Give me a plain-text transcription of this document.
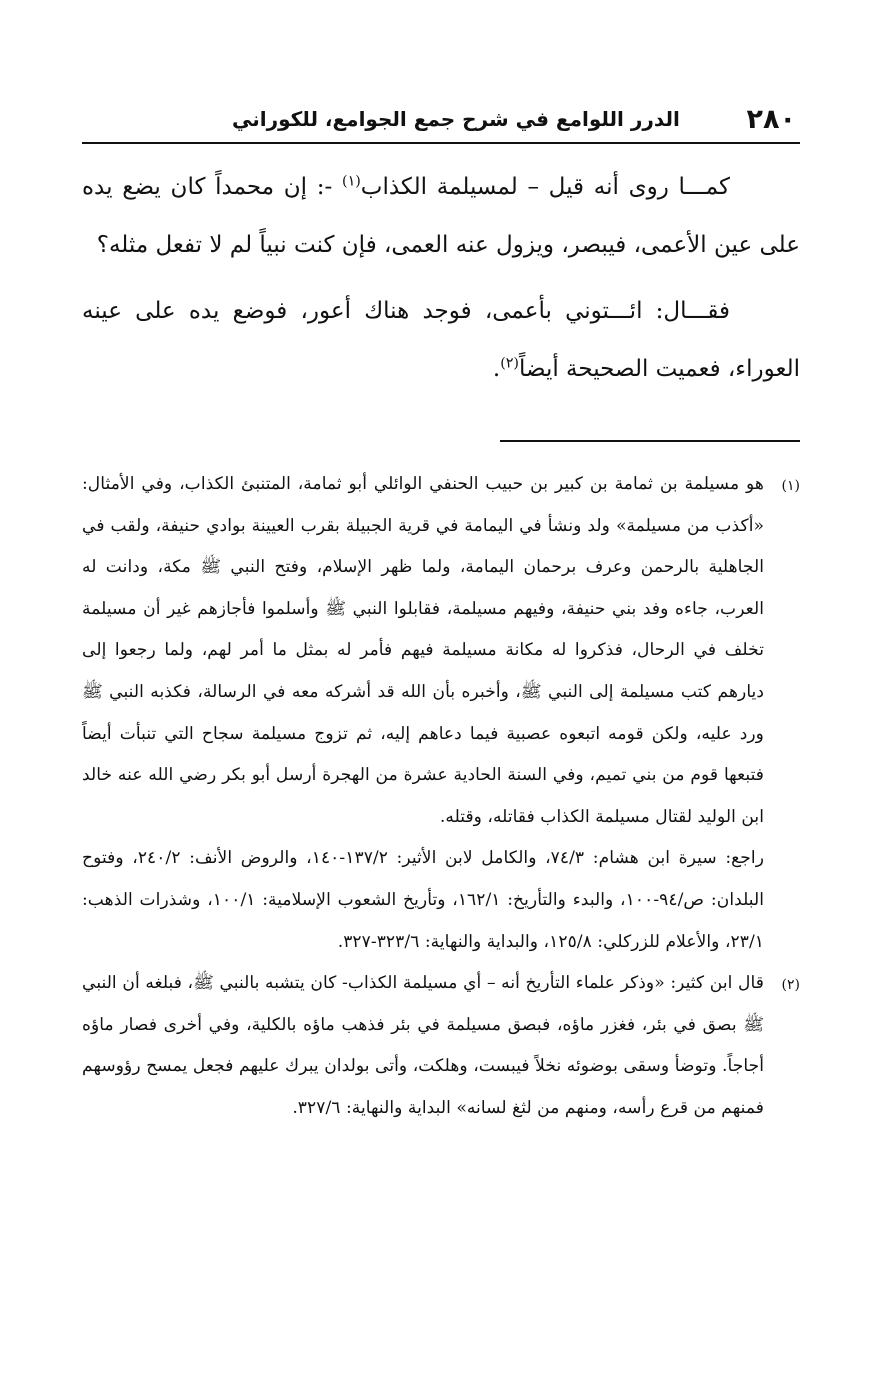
٢٨٠
الدرر اللوامع في شرح جمع الجوامع، للكوراني

كمـــا روى أنه قيل – لمسيلمة الكذاب$^{(١)}$ -: إن محمداً كان يضع يده على عين الأعمى، فيبصر، ويزول عنه العمى، فإن كنت نبياً لم لا تفعل مثله؟

فقـــال: ائـــتوني بأعمى، فوجد هناك أعور، فوضع يده على عينه العوراء، فعميت الصحيحة أيضاً$^{(٢)}$.

(١)

هو مسيلمة بن ثمامة بن كبير بن حبيب الحنفي الوائلي أبو ثمامة، المتنبئ الكذاب، وفي الأمثال: «أكذب من مسيلمة» ولد ونشأ في اليمامة في قرية الجبيلة بقرب العيينة بوادي حنيفة، ولقب في الجاهلية بالرحمن وعرف برحمان اليمامة، ولما ظهر الإسلام، وفتح النبي ﷺ مكة، ودانت له العرب، جاءه وفد بني حنيفة، وفيهم مسيلمة، فقابلوا النبي ﷺ وأسلموا فأجازهم غير أن مسيلمة تخلف في الرحال، فذكروا له مكانة مسيلمة فيهم فأمر له بمثل ما أمر لهم، ولما رجعوا إلى ديارهم كتب مسيلمة إلى النبي ﷺ، وأخبره بأن الله قد أشركه معه في الرسالة، فكذبه النبي ﷺ ورد عليه، ولكن قومه اتبعوه عصبية فيما دعاهم إليه، ثم تزوج مسيلمة سجاح التي تنبأت أيضاً فتبعها قوم من بني تميم، وفي السنة الحادية عشرة من الهجرة أرسل أبو بكر رضي الله عنه خالد ابن الوليد لقتال مسيلمة الكذاب فقاتله، وقتله.

راجع: سيرة ابن هشام: ٧٤/٣، والكامل لابن الأثير: ١٣٧/٢-١٤٠، والروض الأنف: ٢٤٠/٢، وفتوح البلدان: ص/٩٤-١٠٠، والبدء والتأريخ: ١٦٢/١، وتأريخ الشعوب الإسلامية: ١٠٠/١، وشذرات الذهب: ٢٣/١، والأعلام للزركلي: ١٢٥/٨، والبداية والنهاية: ٣٢٣/٦-٣٢٧.

(٢)

قال ابن كثير: «وذكر علماء التأريخ أنه – أي مسيلمة الكذاب- كان يتشبه بالنبي ﷺ، فبلغه أن النبي ﷺ بصق في بئر، فغزر ماؤه، فبصق مسيلمة في بئر فذهب ماؤه بالكلية، وفي أخرى فصار ماؤه أجاجاً. وتوضأ وسقى بوضوئه نخلاً فيبست، وهلكت، وأتى بولدان يبرك عليهم فجعل يمسح رؤوسهم فمنهم من قرع رأسه، ومنهم من لثغ لسانه» البداية والنهاية: ٣٢٧/٦.
